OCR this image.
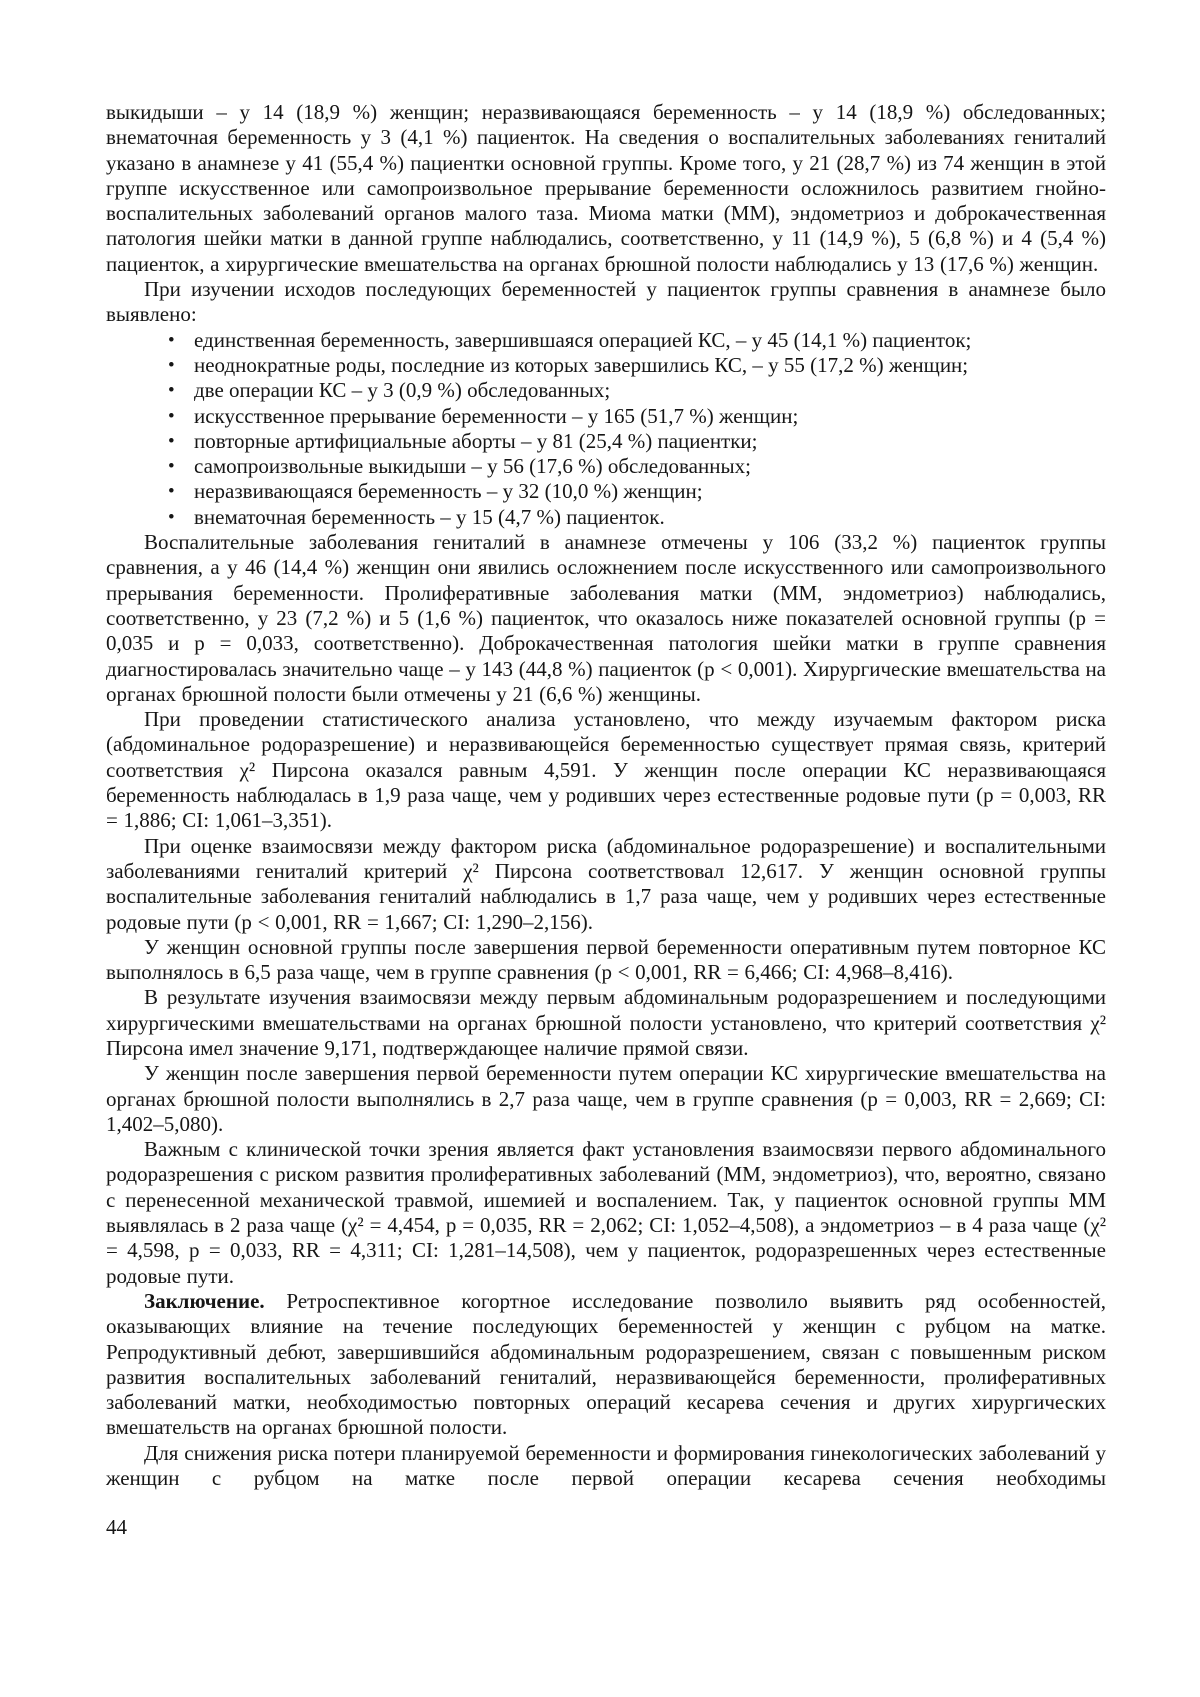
выкидыши – у 14 (18,9 %) женщин; неразвивающаяся беременность – у 14 (18,9 %) обследованных; внематочная беременность у 3 (4,1 %) пациенток. На сведения о воспалительных заболеваниях гениталий указано в анамнезе у 41 (55,4 %) пациентки основной группы. Кроме того, у 21 (28,7 %) из 74 женщин в этой группе искусственное или самопроизвольное прерывание беременности осложнилось развитием гнойно-воспалительных заболеваний органов малого таза. Миома матки (ММ), эндометриоз и доброкачественная патология шейки матки в данной группе наблюдались, соответственно, у 11 (14,9 %), 5 (6,8 %) и 4 (5,4 %) пациенток, а хирургические вмешательства на органах брюшной полости наблюдались у 13 (17,6 %) женщин.

При изучении исходов последующих беременностей у пациенток группы сравнения в анамнезе было выявлено:

• единственная беременность, завершившаяся операцией КС, – у 45 (14,1 %) пациенток;
• неоднократные роды, последние из которых завершились КС, – у 55 (17,2 %) женщин;
• две операции КС – у 3 (0,9 %) обследованных;
• искусственное прерывание беременности – у 165 (51,7 %) женщин;
• повторные артифициальные аборты – у 81 (25,4 %) пациентки;
• самопроизвольные выкидыши – у 56 (17,6 %) обследованных;
• неразвивающаяся беременность – у 32 (10,0 %) женщин;
• внематочная беременность – у 15 (4,7 %) пациенток.

Воспалительные заболевания гениталий в анамнезе отмечены у 106 (33,2 %) пациенток группы сравнения, а у 46 (14,4 %) женщин они явились осложнением после искусственного или самопроизвольного прерывания беременности. Пролиферативные заболевания матки (ММ, эндометриоз) наблюдались, соответственно, у 23 (7,2 %) и 5 (1,6 %) пациенток, что оказалось ниже показателей основной группы (p = 0,035 и p = 0,033, соответственно). Доброкачественная патология шейки матки в группе сравнения диагностировалась значительно чаще – у 143 (44,8 %) пациенток (p < 0,001). Хирургические вмешательства на органах брюшной полости были отмечены у 21 (6,6 %) женщины.

При проведении статистического анализа установлено, что между изучаемым фактором риска (абдоминальное родоразрешение) и неразвивающейся беременностью существует прямая связь, критерий соответствия χ² Пирсона оказался равным 4,591. У женщин после операции КС неразвивающаяся беременность наблюдалась в 1,9 раза чаще, чем у родивших через естественные родовые пути (p = 0,003, RR = 1,886; CI: 1,061–3,351).

При оценке взаимосвязи между фактором риска (абдоминальное родоразрешение) и воспалительными заболеваниями гениталий критерий χ² Пирсона соответствовал 12,617. У женщин основной группы воспалительные заболевания гениталий наблюдались в 1,7 раза чаще, чем у родивших через естественные родовые пути (p < 0,001, RR = 1,667; CI: 1,290–2,156).

У женщин основной группы после завершения первой беременности оперативным путем повторное КС выполнялось в 6,5 раза чаще, чем в группе сравнения (p < 0,001, RR = 6,466; CI: 4,968–8,416).

В результате изучения взаимосвязи между первым абдоминальным родоразрешением и последующими хирургическими вмешательствами на органах брюшной полости установлено, что критерий соответствия χ² Пирсона имел значение 9,171, подтверждающее наличие прямой связи.

У женщин после завершения первой беременности путем операции КС хирургические вмешательства на органах брюшной полости выполнялись в 2,7 раза чаще, чем в группе сравнения (p = 0,003, RR = 2,669; CI: 1,402–5,080).

Важным с клинической точки зрения является факт установления взаимосвязи первого абдоминального родоразрешения с риском развития пролиферативных заболеваний (ММ, эндометриоз), что, вероятно, связано с перенесенной механической травмой, ишемией и воспалением. Так, у пациенток основной группы ММ выявлялась в 2 раза чаще (χ² = 4,454, p = 0,035, RR = 2,062; CI: 1,052–4,508), а эндометриоз – в 4 раза чаще (χ² = 4,598, p = 0,033, RR = 4,311; CI: 1,281–14,508), чем у пациенток, родоразрешенных через естественные родовые пути.

Заключение. Ретроспективное когортное исследование позволило выявить ряд особенностей, оказывающих влияние на течение последующих беременностей у женщин с рубцом на матке. Репродуктивный дебют, завершившийся абдоминальным родоразрешением, связан с повышенным риском развития воспалительных заболеваний гениталий, неразвивающейся беременности, пролиферативных заболеваний матки, необходимостью повторных операций кесарева сечения и других хирургических вмешательств на органах брюшной полости.

Для снижения риска потери планируемой беременности и формирования гинекологических заболеваний у женщин с рубцом на матке после первой операции кесарева сечения необходимы

44
